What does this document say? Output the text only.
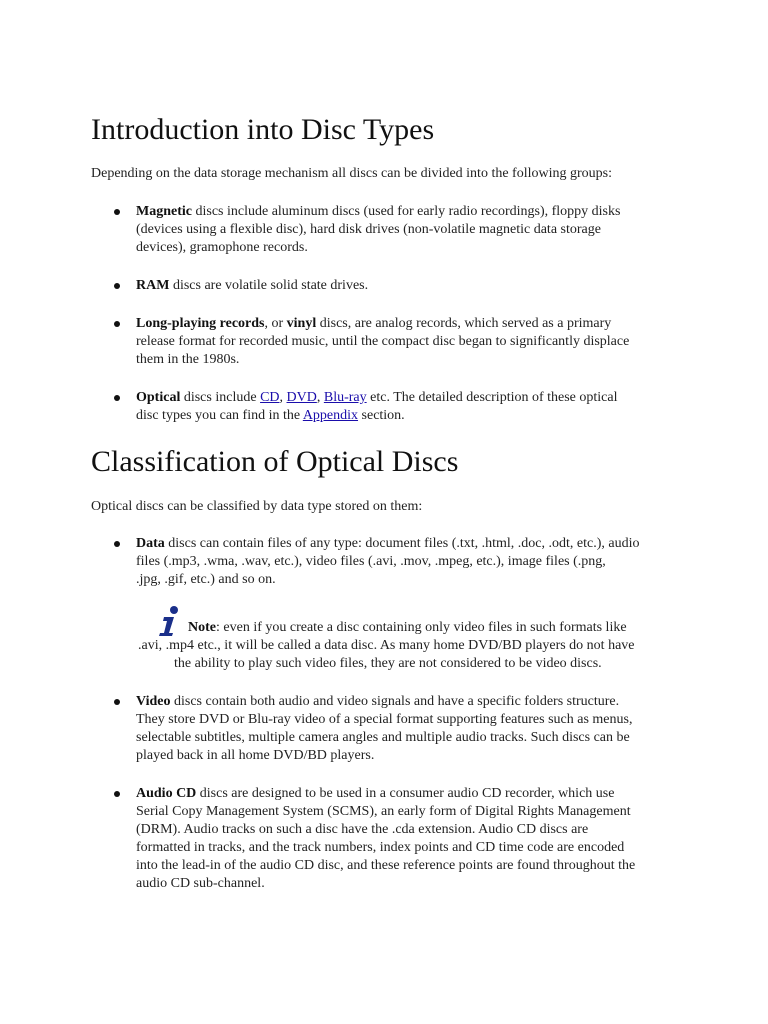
Introduction into Disc Types

Depending on the data storage mechanism all discs can be divided into the following groups:

Magnetic discs include aluminum discs (used for early radio recordings), floppy disks
(devices using a flexible disc), hard disk drives (non-volatile magnetic data storage
devices), gramophone records.
RAM discs are volatile solid state drives.
Long-playing records, or vinyl discs, are analog records, which served as a primary
release format for recorded music, until the compact disc began to significantly displace
them in the 1980s.
Optical discs include CD, DVD, Blu-ray etc. The detailed description of these optical
disc types you can find in the Appendix section.
Classification of Optical Discs

Optical discs can be classified by data type stored on them:

Data discs can contain files of any type: document files (.txt, .html, .doc, .odt, etc.), audio
files (.mp3, .wma, .wav, etc.), video files (.avi, .mov, .mpeg, etc.), image files (.png,
.jpg, .gif, etc.) and so on.
Note: even if you create a disc containing only video files in such formats like
.avi, .mp4 etc., it will be called a data disc. As many home DVD/BD players do not have
the ability to play such video files, they are not considered to be video discs.
Video discs contain both audio and video signals and have a specific folders structure.
They store DVD or Blu-ray video of a special format supporting features such as menus,
selectable subtitles, multiple camera angles and multiple audio tracks. Such discs can be
played back in all home DVD/BD players.
Audio CD discs are designed to be used in a consumer audio CD recorder, which use
Serial Copy Management System (SCMS), an early form of Digital Rights Management
(DRM). Audio tracks on such a disc have the .cda extension. Audio CD discs are
formatted in tracks, and the track numbers, index points and CD time code are encoded
into the lead-in of the audio CD disc, and these reference points are found throughout the
audio CD sub-channel.
